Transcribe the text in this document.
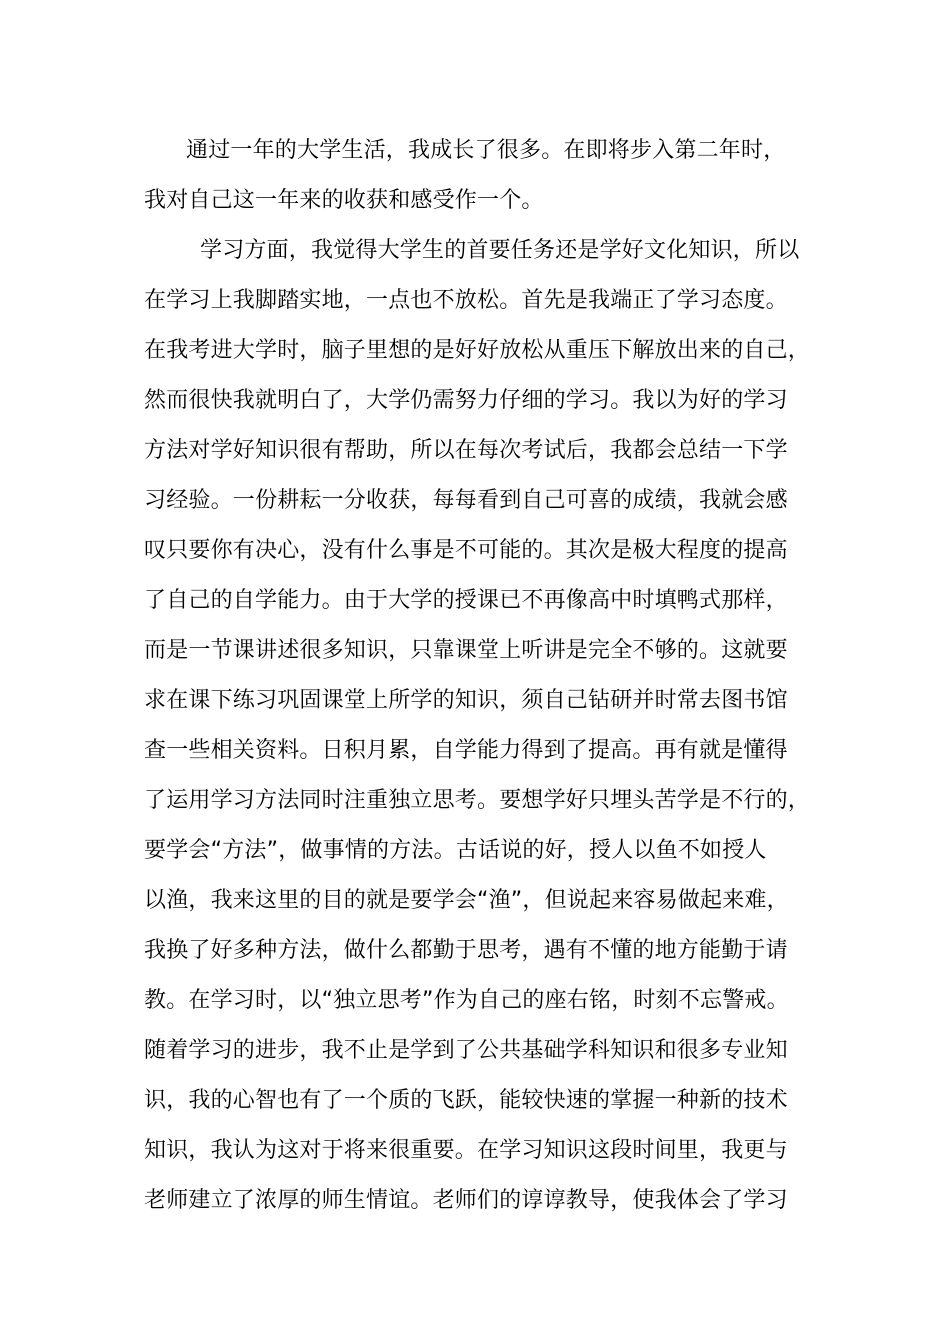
通过一年的大学生活，我成长了很多。在即将步入第二年时，
我对自己这一年来的收获和感受作一个。
学习方面，我觉得大学生的首要任务还是学好文化知识，所以
在学习上我脚踏实地，一点也不放松。首先是我端正了学习态度。
在我考进大学时，脑子里想的是好好放松从重压下解放出来的自己，
然而很快我就明白了，大学仍需努力仔细的学习。我以为好的学习
方法对学好知识很有帮助，所以在每次考试后，我都会总结一下学
习经验。一份耕耘一分收获，每每看到自己可喜的成绩，我就会感
叹只要你有决心，没有什么事是不可能的。其次是极大程度的提高
了自己的自学能力。由于大学的授课已不再像高中时填鸭式那样，
而是一节课讲述很多知识，只靠课堂上听讲是完全不够的。这就要
求在课下练习巩固课堂上所学的知识，须自己钻研并时常去图书馆
查一些相关资料。日积月累，自学能力得到了提高。再有就是懂得
了运用学习方法同时注重独立思考。要想学好只埋头苦学是不行的，
要学会“方法”，做事情的方法。古话说的好，授人以鱼不如授人
以渔，我来这里的目的就是要学会“渔”，但说起来容易做起来难，
我换了好多种方法，做什么都勤于思考，遇有不懂的地方能勤于请
教。在学习时，以“独立思考”作为自己的座右铭，时刻不忘警戒。
随着学习的进步，我不止是学到了公共基础学科知识和很多专业知
识，我的心智也有了一个质的飞跃，能较快速的掌握一种新的技术
知识，我认为这对于将来很重要。在学习知识这段时间里，我更与
老师建立了浓厚的师生情谊。老师们的谆谆教导，使我体会了学习
